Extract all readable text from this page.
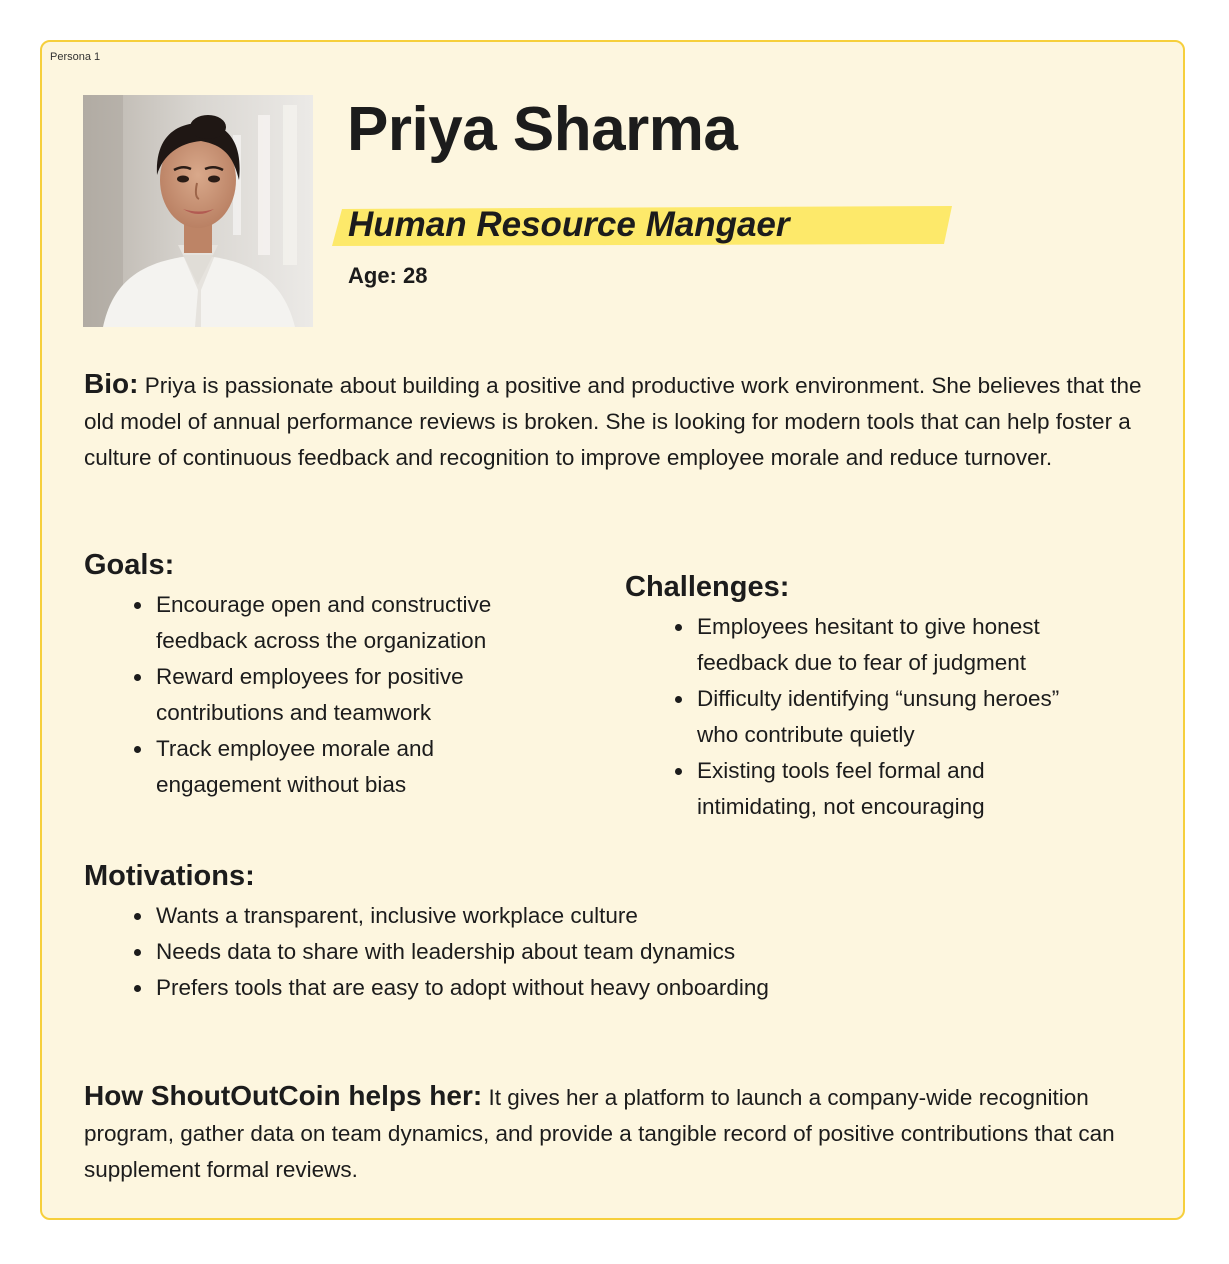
Persona 1
Priya Sharma
Human Resource Mangaer
Age: 28

Bio: Priya is passionate about building a positive and productive work environment. She believes that the old model of annual performance reviews is broken. She is looking for modern tools that can help foster a culture of continuous feedback and recognition to improve employee morale and reduce turnover.

Goals:
Encourage open and constructive feedback across the organization
Reward employees for positive contributions and teamwork
Track employee morale and engagement without bias
Challenges:
Employees hesitant to give honest feedback due to fear of judgment
Difficulty identifying “unsung heroes” who contribute quietly
Existing tools feel formal and intimidating, not encouraging
Motivations:
Wants a transparent, inclusive workplace culture
Needs data to share with leadership about team dynamics
Prefers tools that are easy to adopt without heavy onboarding

How ShoutOutCoin helps her: It gives her a platform to launch a company-wide recognition program, gather data on team dynamics, and provide a tangible record of positive contributions that can supplement formal reviews.
